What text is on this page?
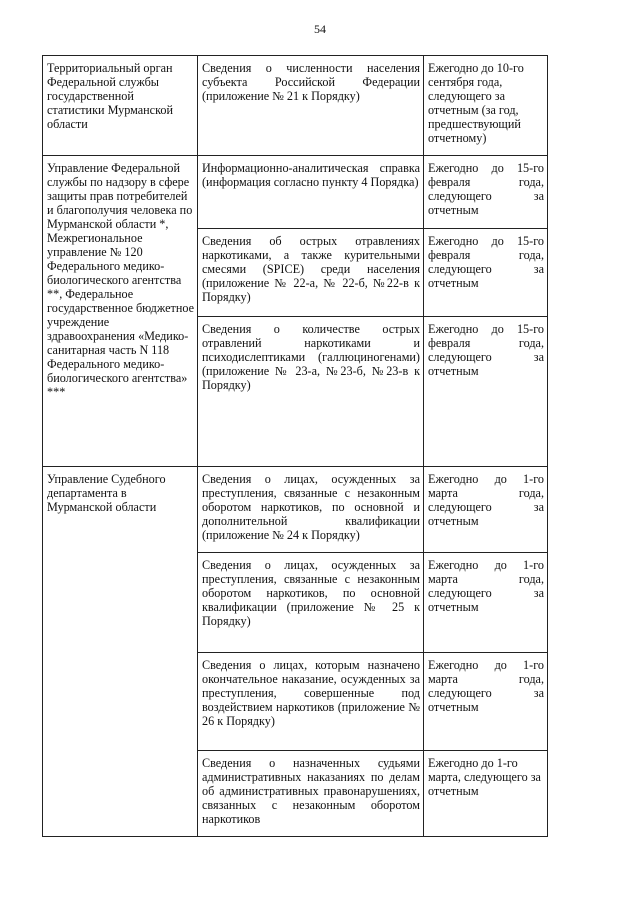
54
Территориальный орган Федеральной службы государственной статистики Мурманской области	Сведения о численности населения субъекта Российской Федерации (приложение № 21 к Порядку)	Ежегодно до 10-го сентября года, следующего за отчетным (за год, предшествующий отчетному)

Управление Федеральной службы по надзору в сфере защиты прав потребителей и благополучия человека по Мурманской области *, Межрегиональное управление № 120 Федерального медико-биологического агентства **, Федеральное государственное бюджетное учреждение здравоохранения «Медико-санитарная часть N 118 Федерального медико-биологического агентства» ***	Информационно-аналитическая справка (информация согласно пункту 4 Порядка)	Ежегодно до 15-го февраля года, следующего за отчетным

	Сведения об острых отравлениях наркотиками, а также курительными смесями (SPICE) среди населения (приложение № 22-а, № 22-б, №22-в к Порядку)	Ежегодно до 15-го февраля года, следующего за отчетным

	Сведения о количестве острых отравлений наркотиками и психодислептиками (галлюциногенами) (приложение № 23-а, №23-б, №23-в к Порядку)	Ежегодно до 15-го февраля года, следующего за отчетным

Управление Судебного департамента в Мурманской области	Сведения о лицах, осужденных за преступления, связанные с незаконным оборотом наркотиков, по основной и дополнительной квалификации (приложение № 24 к Порядку)	Ежегодно до 1-го марта года, следующего за отчетным

	Сведения о лицах, осужденных за преступления, связанные с незаконным оборотом наркотиков, по основной квалификации (приложение № 25 к Порядку)	Ежегодно до 1-го марта года, следующего за отчетным

	Сведения о лицах, которым назначено окончательное наказание, осужденных за преступления, совершенные под воздействием наркотиков (приложение № 26 к Порядку)	Ежегодно до 1-го марта года, следующего за отчетным

	Сведения о назначенных судьями административных наказаниях по делам об административных правонарушениях, связанных с незаконным оборотом наркотиков	Ежегодно до 1-го марта, следующего за отчетным
